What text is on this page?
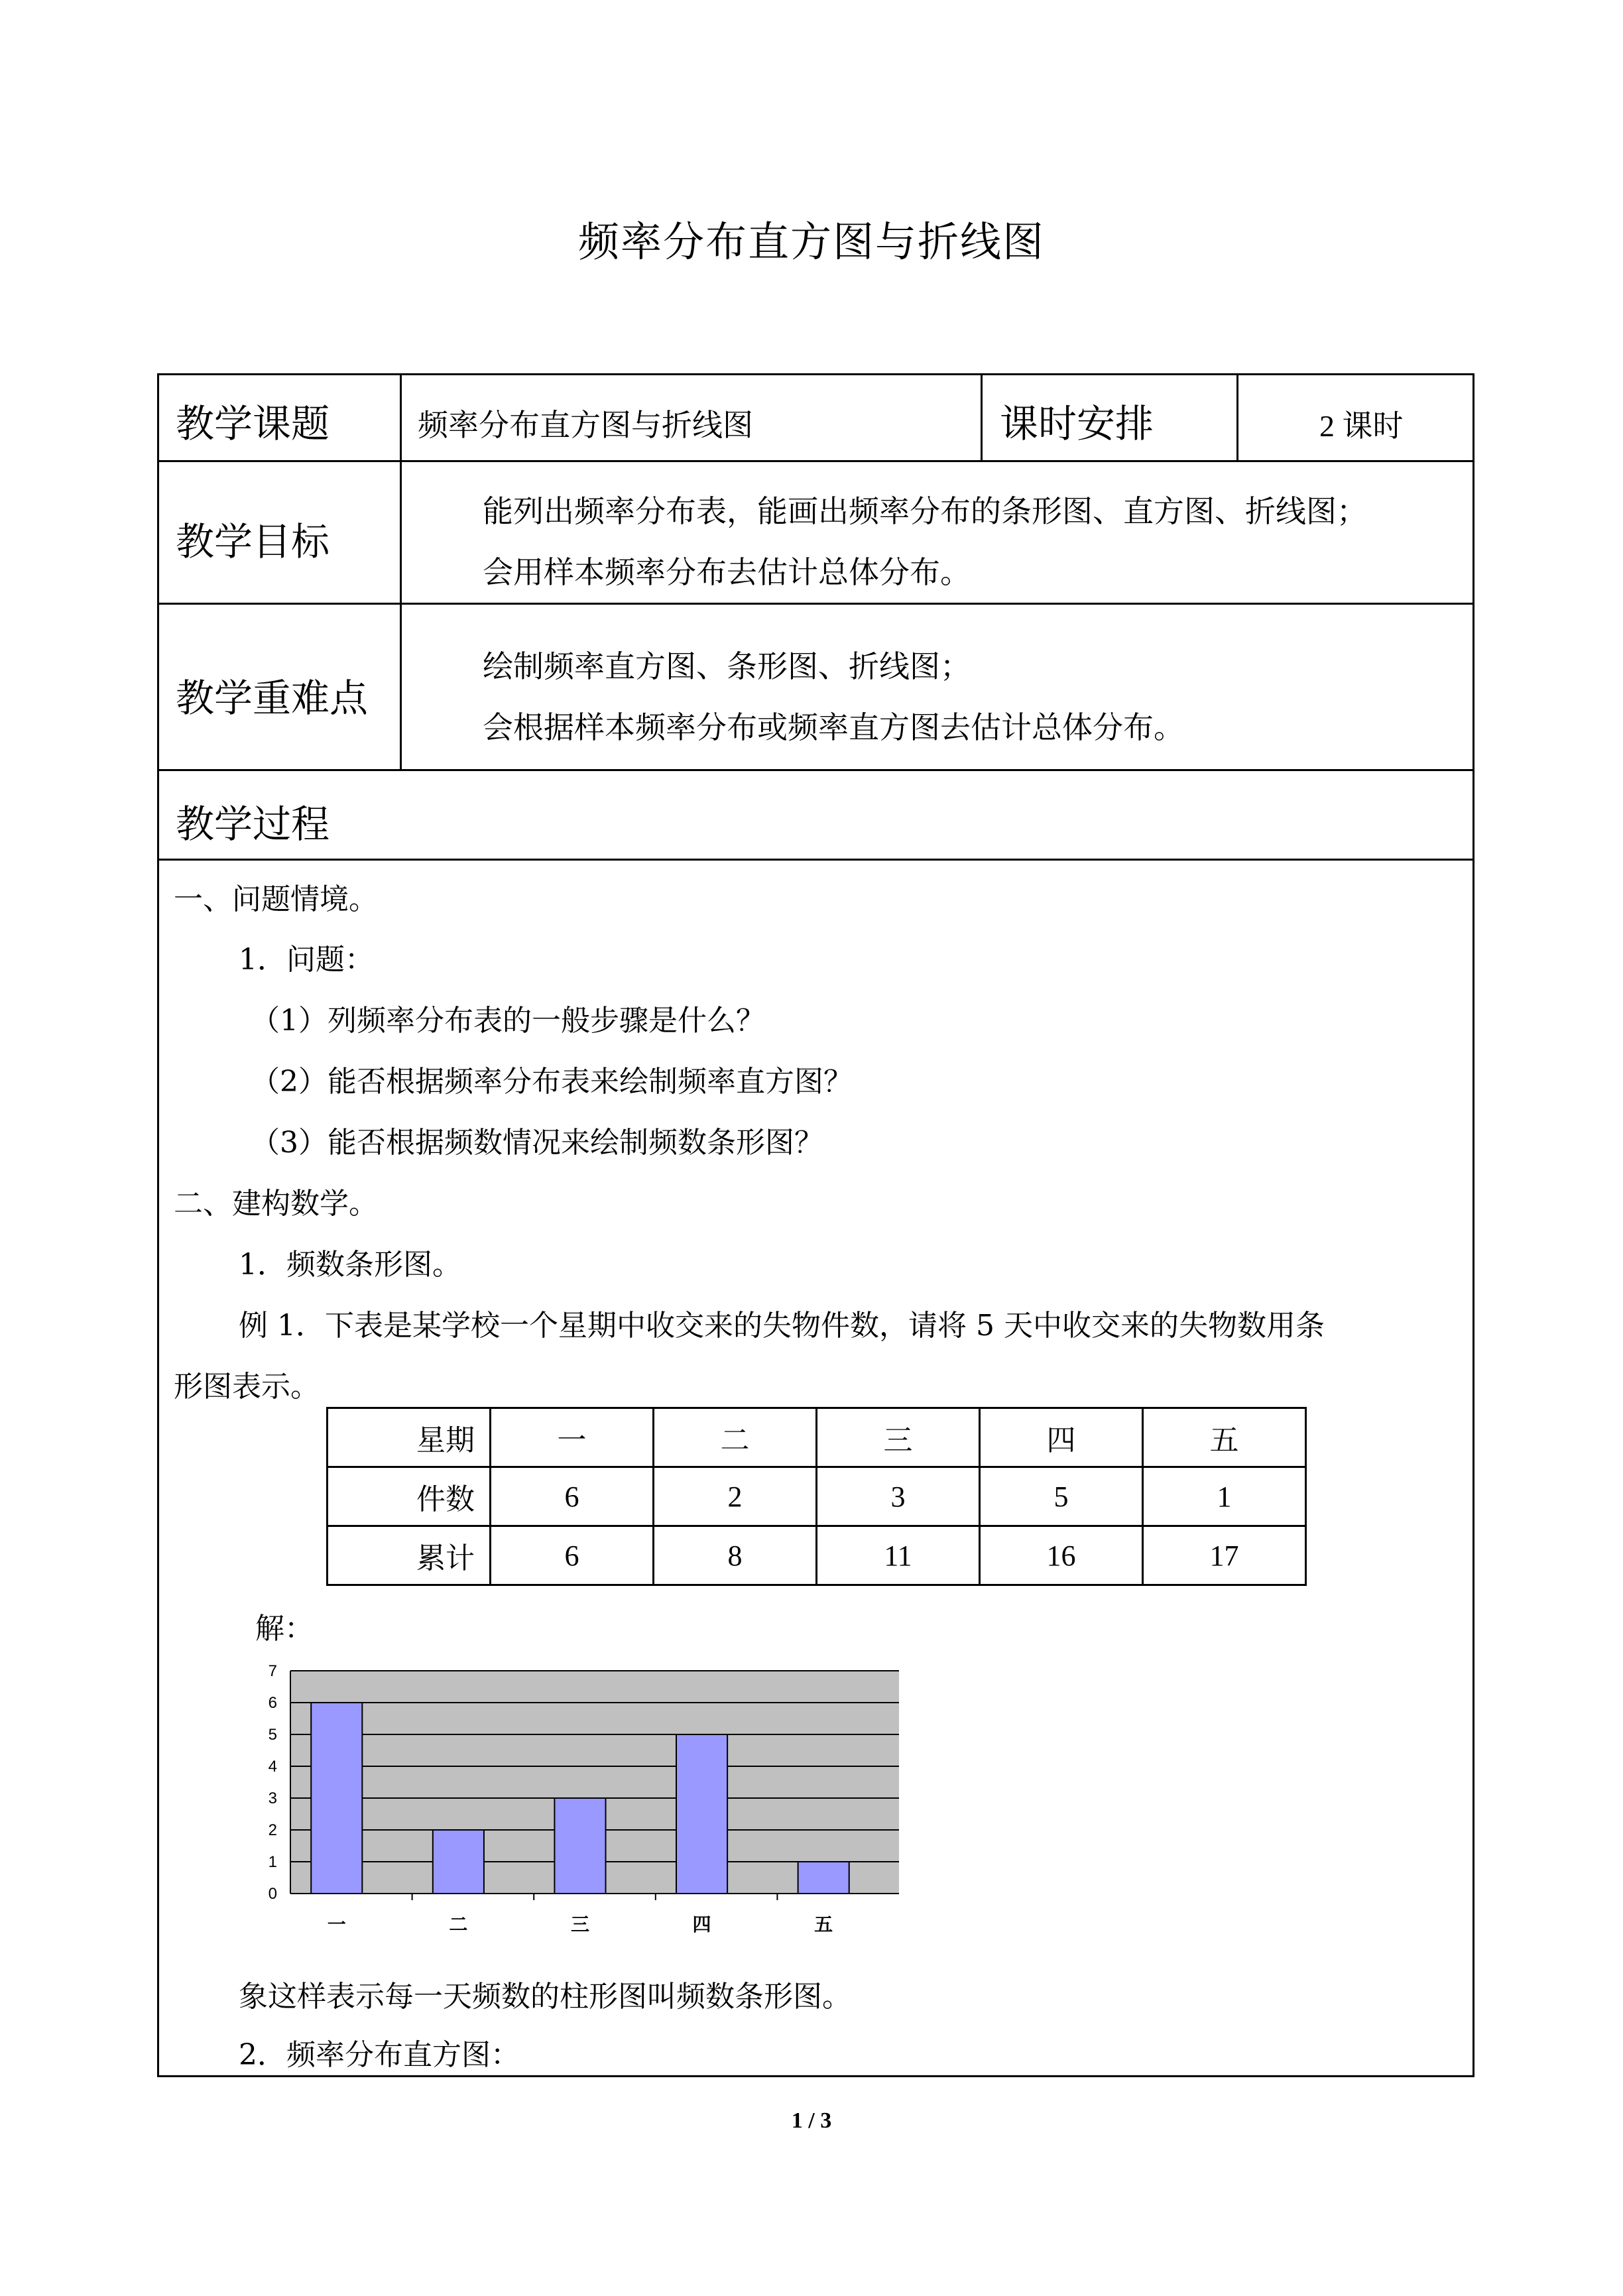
频率分布直方图与折线图
教学课题	频率分布直方图与折线图	课时安排	2 课时
教学目标
能列出频率分布表，能画出频率分布的条形图、直方图、折线图；
会用样本频率分布去估计总体分布。
教学重难点
绘制频率直方图、条形图、折线图；
会根据样本频率分布或频率直方图去估计总体分布。
教学过程
一、问题情境。
1．问题：
（1）列频率分布表的一般步骤是什么？
（2）能否根据频率分布表来绘制频率直方图？
（3）能否根据频数情况来绘制频数条形图？
二、建构数学。
1．频数条形图。
例 1．下表是某学校一个星期中收交来的失物件数，请将 5 天中收交来的失物数用条
形图表示。
星期	一	二	三	四	五
件数	6	2	3	5	1
累计	6	8	11	16	17
解：
0
1
2
3
4
5
6
7
一	二	三	四	五
象这样表示每一天频数的柱形图叫频数条形图。
2．频率分布直方图：
1 / 3
